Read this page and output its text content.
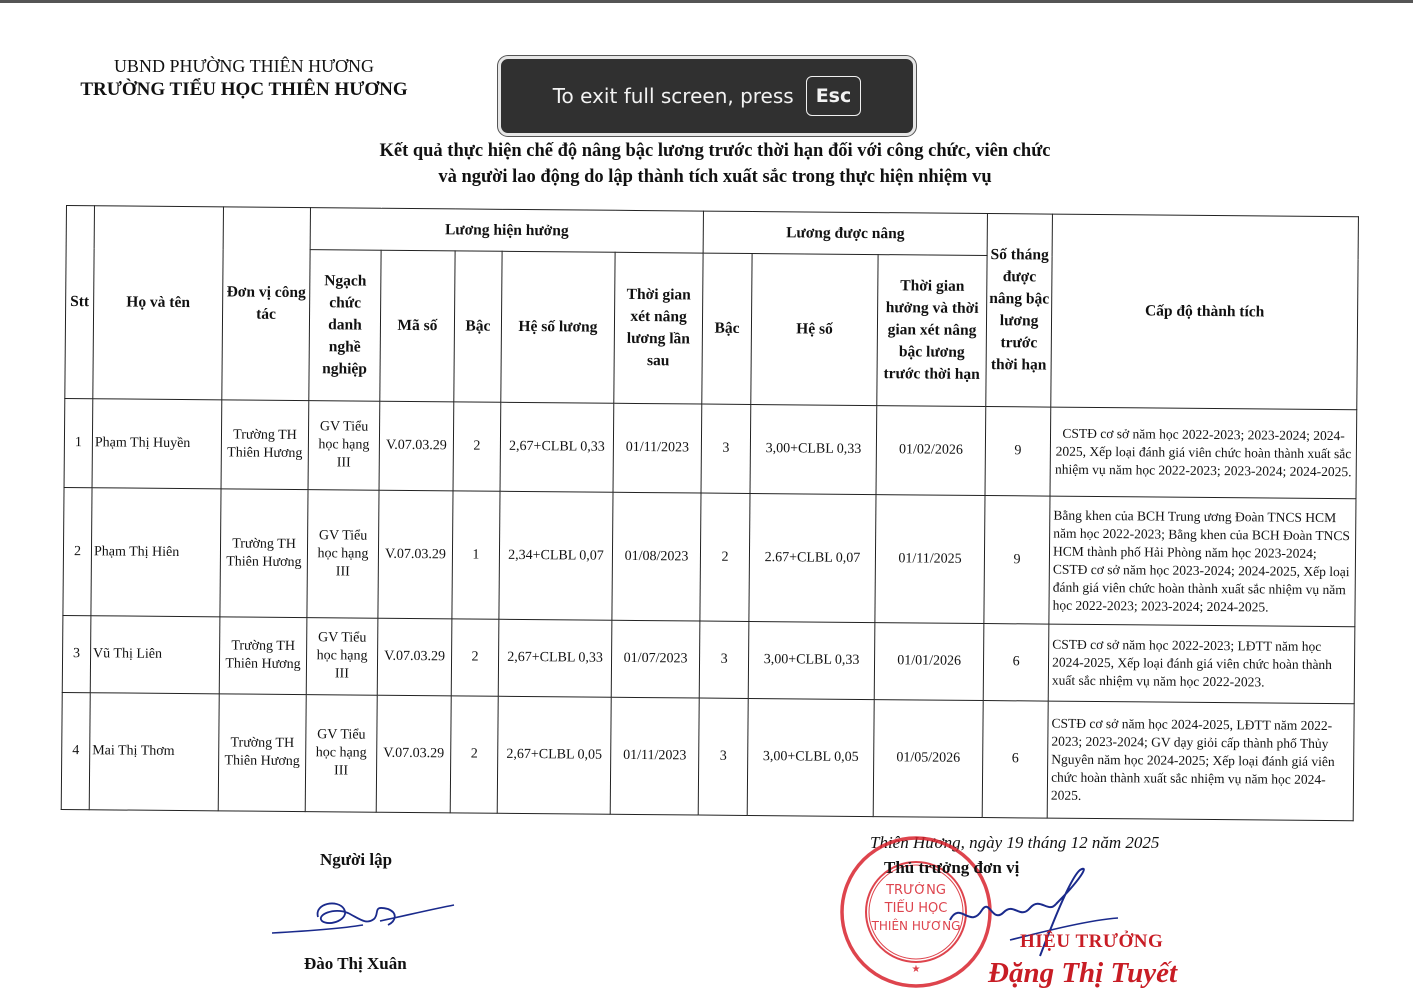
UBND PHƯỜNG THIÊN HƯƠNG
TRƯỜNG TIỂU HỌC THIÊN HƯƠNG
Kết quả thực hiện chế độ nâng bậc lương trước thời hạn đối với công chức, viên chức
và người lao động do lập thành tích xuất sắc trong thực hiện nhiệm vụ
Stt	Họ và tên	Đơn vị công tác	Lương hiện hưởng					Lương được nâng			Số tháng được nâng bậc lương trước thời hạn	Cấp độ thành tích
			Ngạch chức danh nghề nghiệp	Mã số	Bậc	Hệ số lương	Thời gian xét nâng lương lần sau	Bậc	Hệ số	Thời gian hưởng và thời gian xét nâng bậc lương trước thời hạn		
1	Phạm Thị Huyền	Trường TH Thiên Hương	GV Tiểu học hạng III	V.07.03.29	2	2,67+CLBL 0,33	01/11/2023	3	3,00+CLBL 0,33	01/02/2026	9	CSTĐ cơ sở năm học 2022-2023; 2023-2024; 2024-2025, Xếp loại đánh giá viên chức hoàn thành xuất sắc nhiệm vụ năm học 2022-2023; 2023-2024; 2024-2025.
2	Phạm Thị Hiên	Trường TH Thiên Hương	GV Tiểu học hạng III	V.07.03.29	1	2,34+CLBL 0,07	01/08/2023	2	2.67+CLBL 0,07	01/11/2025	9	Bằng khen của BCH Trung ương Đoàn TNCS HCM năm học 2022-2023; Bằng khen của BCH Đoàn TNCS HCM thành phố Hải Phòng năm học 2023-2024; CSTĐ cơ sở năm học 2023-2024; 2024-2025, Xếp loại đánh giá viên chức hoàn thành xuất sắc nhiệm vụ năm học 2022-2023; 2023-2024; 2024-2025.
3	Vũ Thị Liên	Trường TH Thiên Hương	GV Tiểu học hạng III	V.07.03.29	2	2,67+CLBL 0,33	01/07/2023	3	3,00+CLBL 0,33	01/01/2026	6	CSTĐ cơ sở năm học 2022-2023; LĐTT năm học 2024-2025, Xếp loại đánh giá viên chức hoàn thành xuất sắc nhiệm vụ năm học 2022-2023.
4	Mai Thị Thơm	Trường TH Thiên Hương	GV Tiểu học hạng III	V.07.03.29	2	2,67+CLBL 0,05	01/11/2023	3	3,00+CLBL 0,05	01/05/2026	6	CSTĐ cơ sở năm học 2024-2025, LĐTT năm 2022-2023; 2023-2024; GV dạy giỏi cấp thành phố Thủy Nguyên năm học 2024-2025; Xếp loại đánh giá viên chức hoàn thành xuất sắc nhiệm vụ năm học 2024-2025.
To exit full screen, press	Esc
Người lập
Đào Thị Xuân
Thiên Hương, ngày 19 tháng 12 năm 2025
TRƯỜNG
TIỂU HỌC
THIÊN HƯƠNG
★
Thủ trưởng đơn vị
HIỆU TRƯỞNG
Đặng Thị Tuyết
